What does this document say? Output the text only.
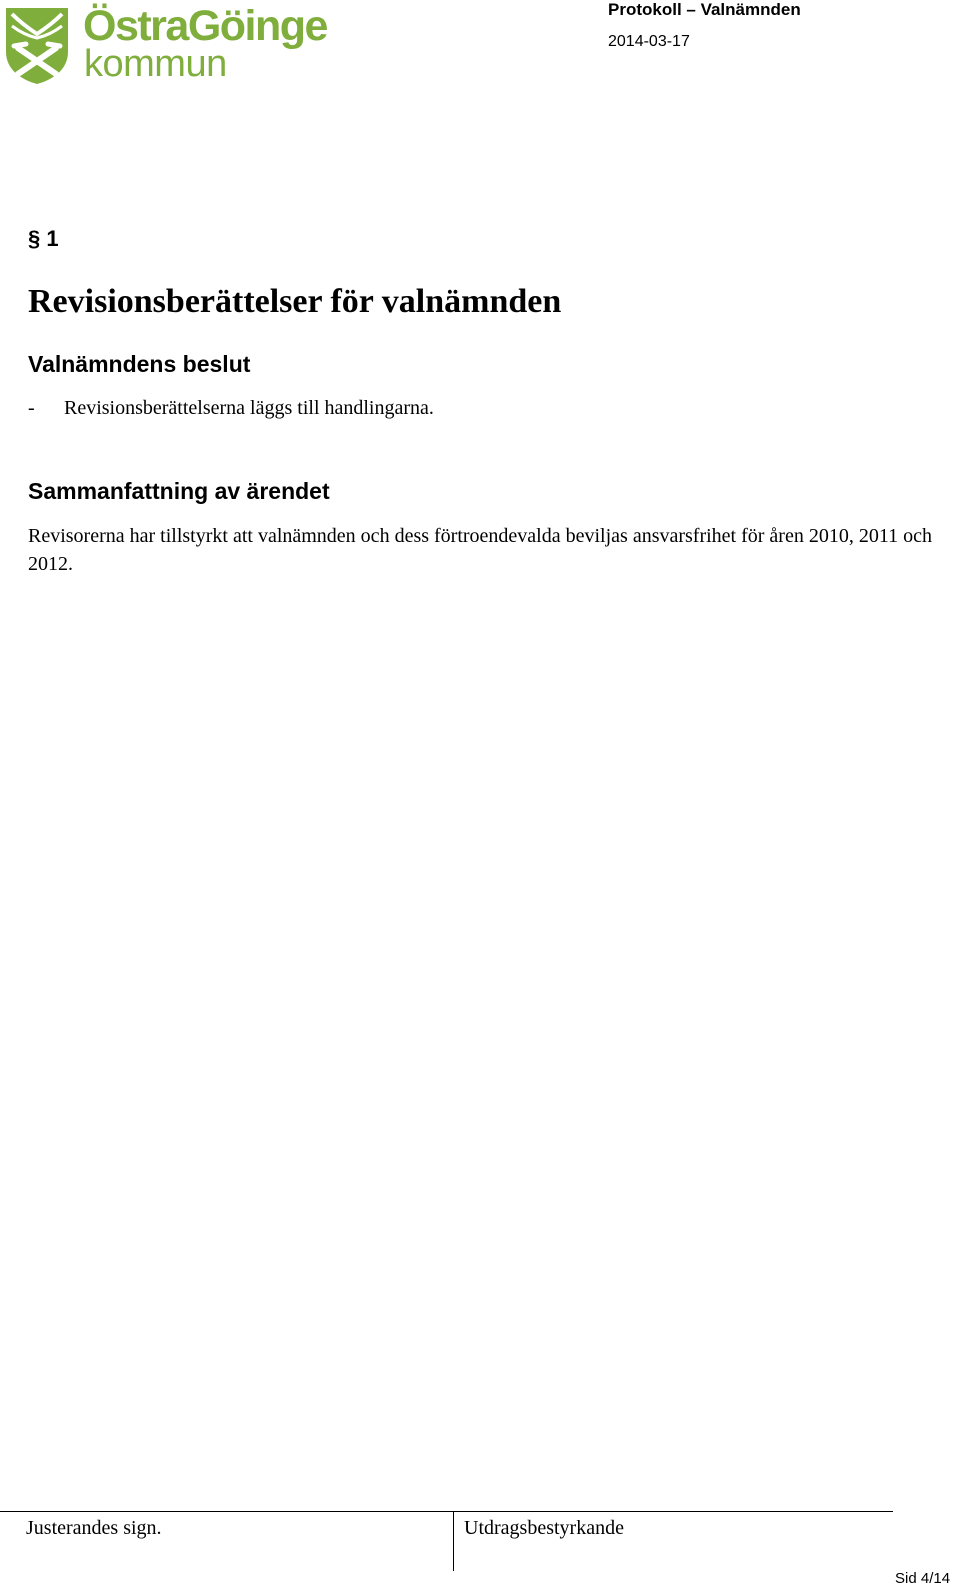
ÖstraGöinge
kommun
Protokoll – Valnämnden
2014-03-17
§ 1
Revisionsberättelser för valnämnden
Valnämndens beslut
- Revisionsberättelserna läggs till handlingarna.
Sammanfattning av ärendet
Revisorerna har tillstyrkt att valnämnden och dess förtroendevalda beviljas ansvarsfrihet för åren 2010, 2011 och 2012.
Justerandes sign.	Utdragsbestyrkande
Sid 4/14
